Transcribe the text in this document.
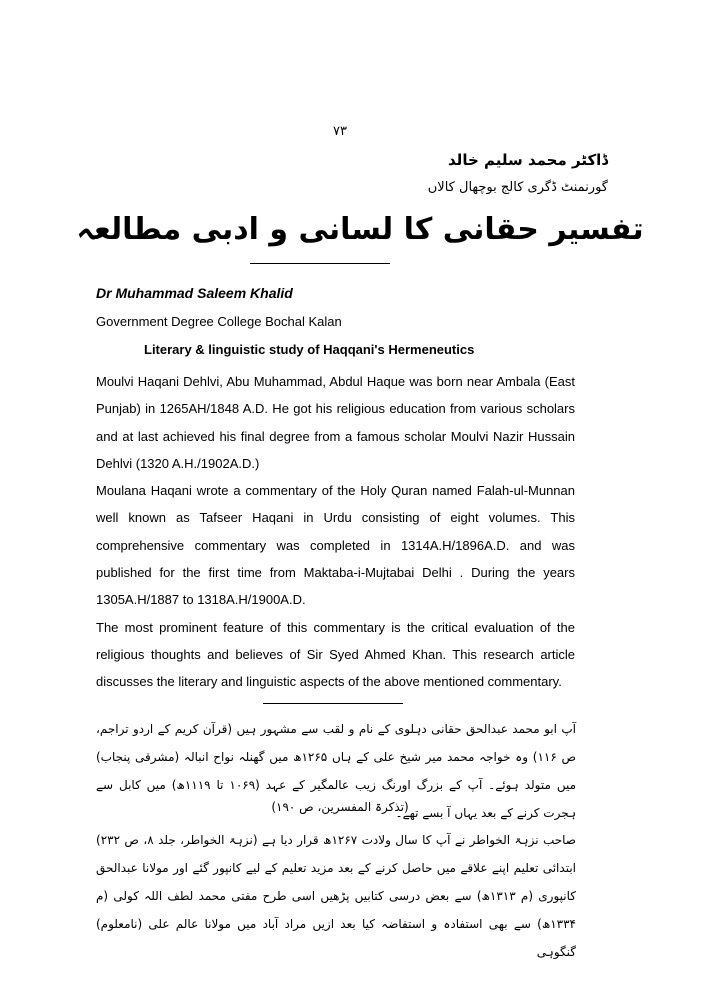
۷۳
ڈاکٹر محمد سلیم خالد
گورنمنٹ ڈگری کالج بوچھال کالاں
تفسیر حقانی کا لسانی و ادبی مطالعہ
Dr Muhammad Saleem Khalid
Government Degree College Bochal Kalan
Literary & linguistic study of Haqqani's Hermeneutics

Moulvi Haqani Dehlvi, Abu Muhammad, Abdul Haque was born near Ambala (East Punjab) in 1265AH/1848 A.D. He got his religious education from various scholars and at last achieved his final degree from a famous scholar Moulvi Nazir Hussain Dehlvi (1320 A.H./1902A.D.)

Moulana Haqani wrote a commentary of the Holy Quran named Falah-ul-Munnan well known as Tafseer Haqani in Urdu consisting of eight volumes. This comprehensive commentary was completed in 1314A.H/1896A.D. and was published for the first time from Maktaba-i-Mujtabai Delhi . During the years 1305A.H/1887 to 1318A.H/1900A.D.

The most prominent feature of this commentary is the critical evaluation of the religious thoughts and believes of Sir Syed Ahmed Khan. This research article discusses the literary and linguistic aspects of the above mentioned commentary.

آپ ابو محمد عبدالحق حقانی دہلوی کے نام و لقب سے مشہور ہیں (قرآن کریم کے اردو تراجم، ص ۱۱۶) وہ خواجہ محمد میر شیخ علی کے ہاں ۱۲۶۵ھ میں گھنلہ نواح انبالہ (مشرقی پنجاب) میں متولد ہوئے۔ آپ کے بزرگ اورنگ زیب عالمگیر کے عہد (۱۰۶۹ تا ۱۱۱۹ھ) میں کابل سے ہجرت کرنے کے بعد یہاں آ بسے تھے۔

(تذکرۃ المفسرین، ص ۱۹۰)

صاحب نزہۃ الخواطر نے آپ کا سال ولادت ۱۲۶۷ھ قرار دیا ہے (نزہۃ الخواطر، جلد ۸، ص ۲۳۲) ابتدائی تعلیم اپنے علاقے میں حاصل کرنے کے بعد مزید تعلیم کے لیے کانپور گئے اور مولانا عبدالحق کانپوری (م ۱۳۱۳ھ) سے بعض درسی کتابیں پڑھیں اسی طرح مفتی محمد لطف اللہ کولی (م ۱۳۳۴ھ) سے بھی استفادہ و استفاضہ کیا بعد ازیں مراد آباد میں مولانا عالم علی (نامعلوم) گنگوہی
